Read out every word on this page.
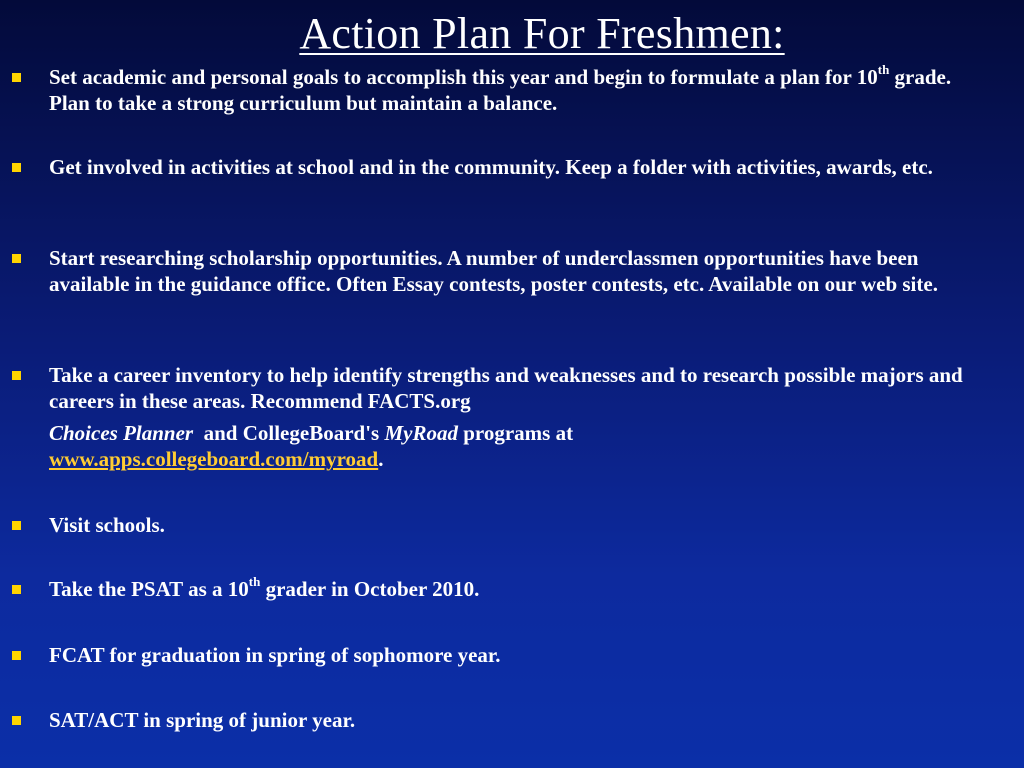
Action Plan For Freshmen:
Set academic and personal goals to accomplish this year and begin to formulate a plan for 10th grade. Plan to take a strong curriculum but maintain a balance.
Get involved in activities at school and in the community. Keep a folder with activities, awards, etc.
Start researching scholarship opportunities. A number of underclassmen opportunities have been available in the guidance office. Often Essay contests, poster contests, etc. Available on our web site.
Take a career inventory to help identify strengths and weaknesses and to research possible majors and careers in these areas. Recommend FACTS.org
Choices Planner  and CollegeBoard's MyRoad programs at
www.apps.collegeboard.com/myroad.
Visit schools.
Take the PSAT as a 10th grader in October 2010.
FCAT for graduation in spring of sophomore year.
SAT/ACT in spring of junior year.
